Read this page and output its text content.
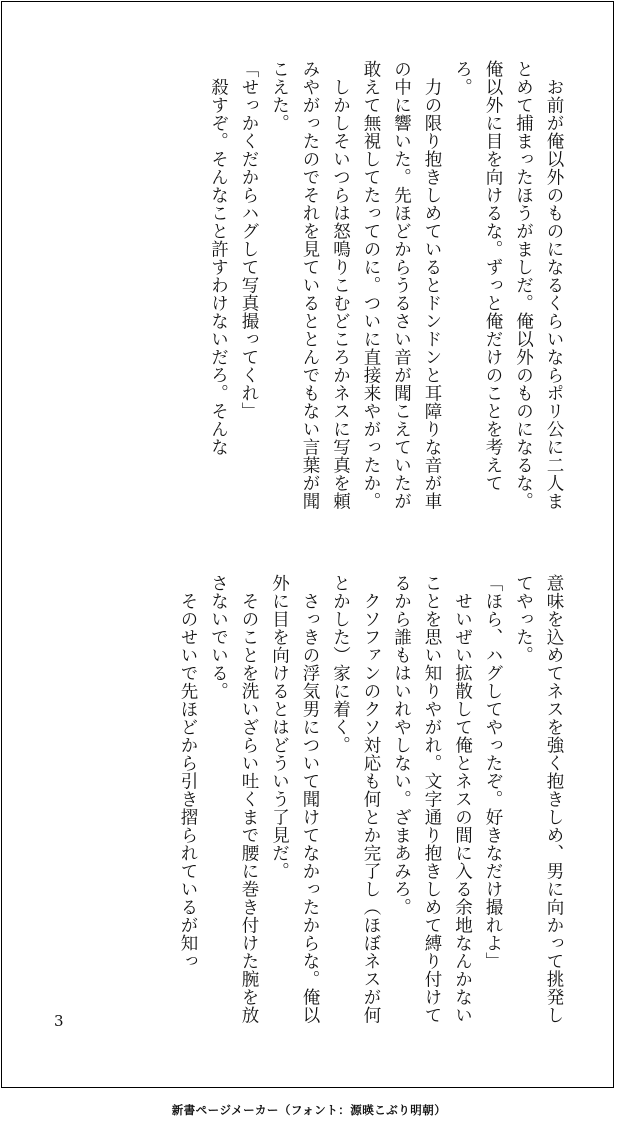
お前が俺以外のものになるくらいならポリ公に二人まとめて捕まったほうがましだ。俺以外のものになるな。俺以外に目を向けるな。ずっと俺だけのことを考えてろ。

力の限り抱きしめているとドンドンと耳障りな音が車の中に響いた。先ほどからうるさい音が聞こえていたが敢えて無視してたってのに。ついに直接来やがったか。

しかしそいつらは怒鳴りこむどころかネスに写真を頼みやがったのでそれを見ているととんでもない言葉が聞こえた。

「せっかくだからハグして写真撮ってくれ」

殺すぞ。そんなこと許すわけないだろ。そんな

意味を込めてネスを強く抱きしめ、男に向かって挑発してやった。

「ほら、ハグしてやったぞ。好きなだけ撮れよ」

せいぜい拡散して俺とネスの間に入る余地なんかないことを思い知りやがれ。文字通り抱きしめて縛り付けてるから誰もはいれやしない。ざまあみろ。

クソファンのクソ対応も何とか完了し（ほぼネスが何とかした）家に着く。

さっきの浮気男について聞けてなかったからな。俺以外に目を向けるとはどういう了見だ。

そのことを洗いざらい吐くまで腰に巻き付けた腕を放さないでいる。

そのせいで先ほどから引き摺られているが知っ

3
新書ページメーカー（フォント：源暎こぶり明朝）
